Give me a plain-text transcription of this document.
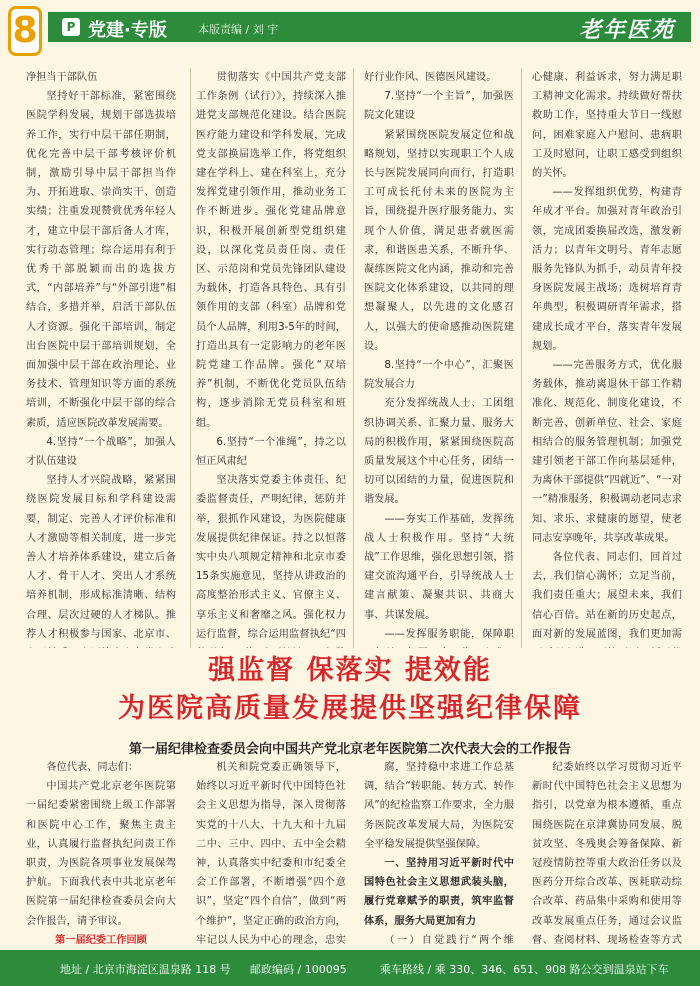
8	P 党建·专版	本版责编 / 刘 宇	老年医苑
净担当干部队伍

坚持好干部标准，紧密围绕医院学科发展，规划干部选拔培养工作，实行中层干部任期制，优化完善中层干部考核评价机制，激励引导中层干部担当作为、开拓进取、崇尚实干、创造实绩；注重发现赞赏优秀年轻人才，建立中层干部后备人才库，实行动态管理；综合运用有利于优秀干部脱颖而出的选拔方式，“内部培养”与“外部引进”相结合，多措并举，启活干部队伍人才资源。强化干部培训，制定出台医院中层干部培训规划，全面加强中层干部在政治理论、业务技术、管理知识等方面的系统培训，不断强化中层干部的综合素质，适应医院改革发展需要。

4.坚持“一个战略”，加强人才队伍建设

坚持人才兴院战略，紧紧围绕医院发展目标和学科建设需要，制定、完善人才评价标准和人才激励等相关制度，进一步完善人才培养体系建设，建立后备人才、骨干人才、突出人才系统培养机制，形成标准清晰、结构合理、层次过硬的人才梯队。推荐人才积极参与国家、北京市、

贯彻落实《中国共产党支部工作条例（试行）》，持续深入推进党支部规范化建设。结合医院医疗能力建设和学科发展，完成党支部换届选举工作，将党组织建在学科上、建在科室上，充分发挥党建引领作用，推动业务工作不断进步。强化党建品牌意识，积极开展创新型党组织建设，以深化党员责任岗、责任区、示范岗和党员先锋团队建设为载体，打造各具特色、具有引领作用的支部（科室）品牌和党员个人品牌，利用3-5年的时间，打造出具有一定影响力的老年医院党建工作品牌。强化“双培养”机制，不断优化党员队伍结构，逐步消除无党员科室和班组。

6.坚持“一个准绳”，持之以恒正风肃纪

坚决落实党委主体责任、纪委监督责任，严明纪律，惩防并举，狠抓作风建设，为医院健康发展提供纪律保证。持之以恒落实中央八项规定精神和北京市委15条实施意见，坚持从讲政治的高度整治形式主义、官僚主义、享乐主义和奢靡之风。强化权力运行监督，综合运用监督执纪“四

好行业作风、医德医风建设。
7.坚持“一个主旨”，加强医院文化建设

紧紧围绕医院发展定位和战略规划，坚持以实现职工个人成长与医院发展同向而行，打造职工可成长托付未来的医院为主旨，围绕提升医疗服务能力、实现个人价值，满足患者就医需求，和谐医患关系，不断升华、凝练医院文化内涵，推动和完善医院文化体系建设，以共同的理想凝聚人，以先进的文化感召人，以强大的使命感推动医院建设。

8.坚持“一个中心”，汇聚医院发展合力

充分发挥统战人士、工团组织协调关系、汇聚力量、服务大局的积极作用，紧紧围绕医院高质量发展这个中心任务，团结一切可以团结的力量，促进医院和谐发展。

——夯实工作基础，发挥统战人士积极作用。坚持“大统战”工作思维，强化思想引领，搭建交流沟通平台，引导统战人士建言献策、凝聚共识、共商大事、共谋发展。

——发挥服务职能，保障职

心健康、利益诉求，努力满足职工精神文化需求。持续做好帮扶救助工作，坚持重大节日一线慰问，困难家庭入户慰问、患病职工及时慰问，让职工感受到组织的关怀。

——发挥组织优势，构建青年成才平台。加强对青年政治引领，完成团委换届改选，激发新活力；以青年文明号、青年志愿服务先锋队为抓手，动员青年投身医院发展主战场；选树培育青年典型，积极调研青年需求，搭建成长成才平台，落实青年发展规划。

——完善服务方式，优化服务载体，推动离退休干部工作精准化、规范化、制度化建设，不断完善、创新单位、社会、家庭相结合的服务管理机制；加强党建引领老干部工作向基层延伸，为离休干部提供“四就近”、“一对一”精准服务，积极调动老同志求知、求乐、求健康的愿望，使老同志安享晚年，共享改革成果。

各位代表、同志们，回首过去，我们信心满怀；立足当前，我们责任重大；展望未来，我们信心百倍。站在新的历史起点，面对新的发展蓝图，我们更加需

强监督 保落实 提效能
为医院高质量发展提供坚强纪律保障
第一届纪律检查委员会向中国共产党北京老年医院第二次代表大会的工作报告

各位代表、同志们：

中国共产党北京老年医院第一届纪委紧密围绕上级工作部署和医院中心工作，聚焦主责主业，认真履行监督执纪问责工作职责，为医院各项事业发展保驾护航。下面我代表中共北京老年医院第一届纪律检查委员会向大会作报告，请予审议。

第一届纪委工作回顾

机关和院党委正确领导下，始终以习近平新时代中国特色社会主义思想为指导，深入贯彻落实党的十八大、十九大和十九届二中、三中、四中、五中全会精神，认真落实中纪委和市纪委全会工作部署，不断增强“四个意识”，坚定“四个自信”，做到“两个维护”，坚定正确的政治方向，牢记以人民为中心的理念，忠实

腐，坚持稳中求进工作总基调，结合“转职能、转方式、转作风”的纪检监察工作要求，全力服务医院改革发展大局，为医院安全平稳发展提供坚强保障。

一、坚持用习近平新时代中国特色社会主义思想武装头脑，履行党章赋予的职责，筑牢监督体系，服务大局更加有力

（一）自觉践行“两个维

纪委始终以学习贯彻习近平新时代中国特色社会主义思想为指引，以党章为根本遵循，重点围绕医院在京津冀协同发展、脱贫攻坚、冬残奥会筹备保障、新冠疫情防控等重大政治任务以及医药分开综合改革、医耗联动综合改革、药品集中采购和使用等改革发展重点任务，通过会议监督、查阅材料、现场检查等方式

地址 / 北京市海淀区温泉路 118 号 邮政编码 / 100095	乘车路线 / 乘 330、346、651、908 路公交到温泉站下车
